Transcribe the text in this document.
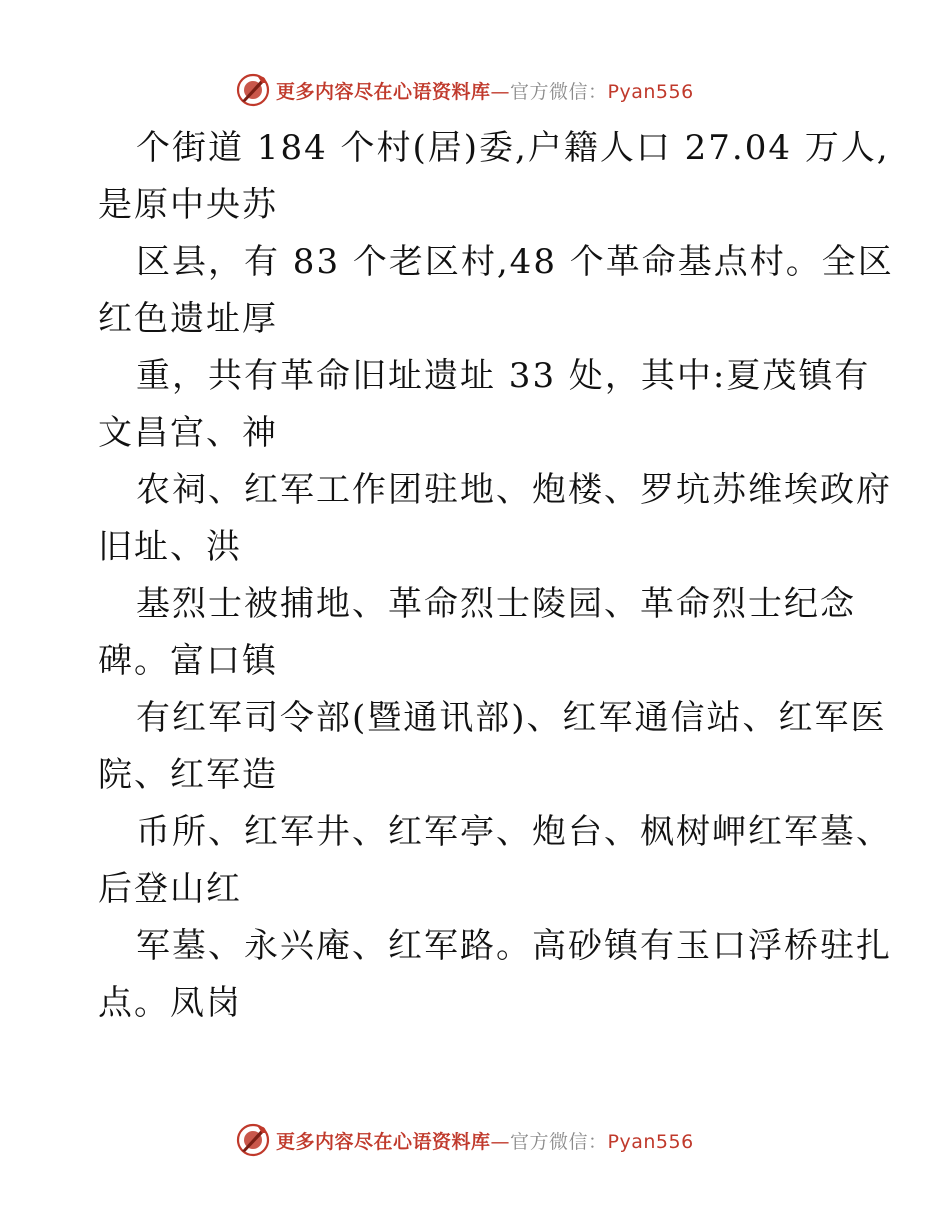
更多内容尽在心语资料库—官方微信：Pyan556

个街道 184 个村(居)委,户籍人口 27.04 万人,
是原中央苏

区县，有 83 个老区村,48 个革命基点村。全区
红色遗址厚

重，共有革命旧址遗址 33 处，其中:夏茂镇有
文昌宫、神

农祠、红军工作团驻地、炮楼、罗坑苏维埃政府
旧址、洪

基烈士被捕地、革命烈士陵园、革命烈士纪念
碑。富口镇

有红军司令部(暨通讯部)、红军通信站、红军医
院、红军造

币所、红军井、红军亭、炮台、枫树岬红军墓、
后登山红

军墓、永兴庵、红军路。高砂镇有玉口浮桥驻扎
点。凤岗

更多内容尽在心语资料库—官方微信：Pyan556
